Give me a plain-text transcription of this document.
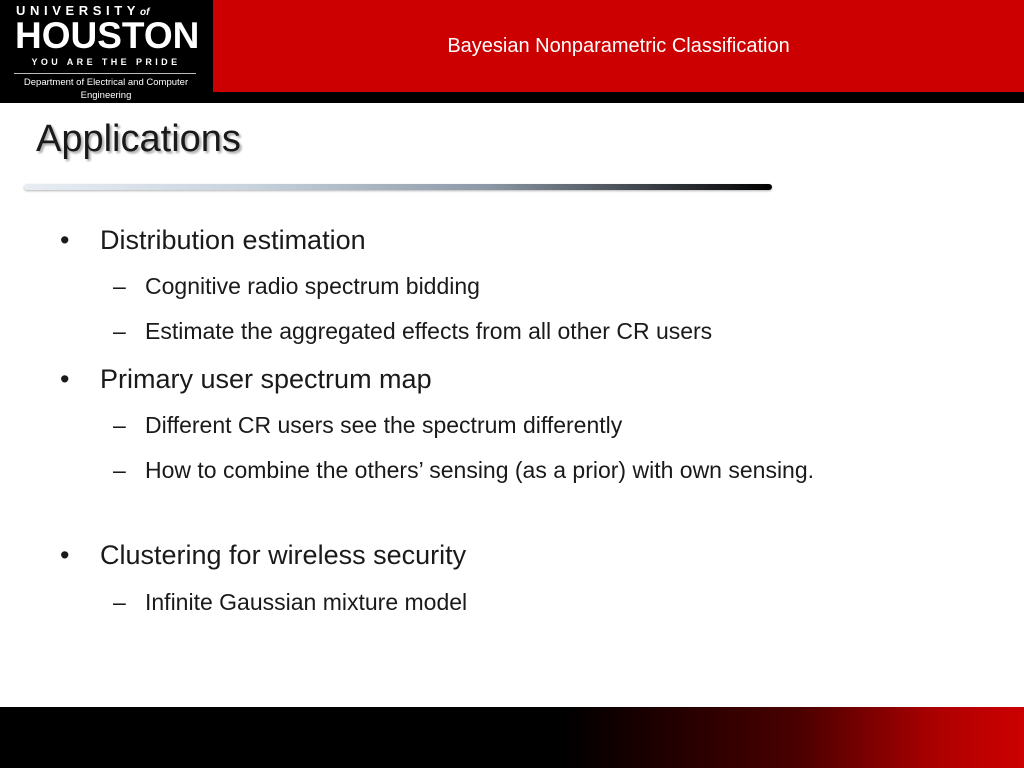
Bayesian Nonparametric Classification
UNIVERSITYof
HOUSTON
YOU ARE THE PRIDE
Department of Electrical and Computer Engineering
Applications
• Distribution estimation

– Cognitive radio spectrum bidding

– Estimate the aggregated effects from all other CR users

• Primary user spectrum map

– Different CR users see the spectrum differently

– How to combine the others’ sensing (as a prior) with own sensing.

• Clustering for wireless security

– Infinite Gaussian mixture model
